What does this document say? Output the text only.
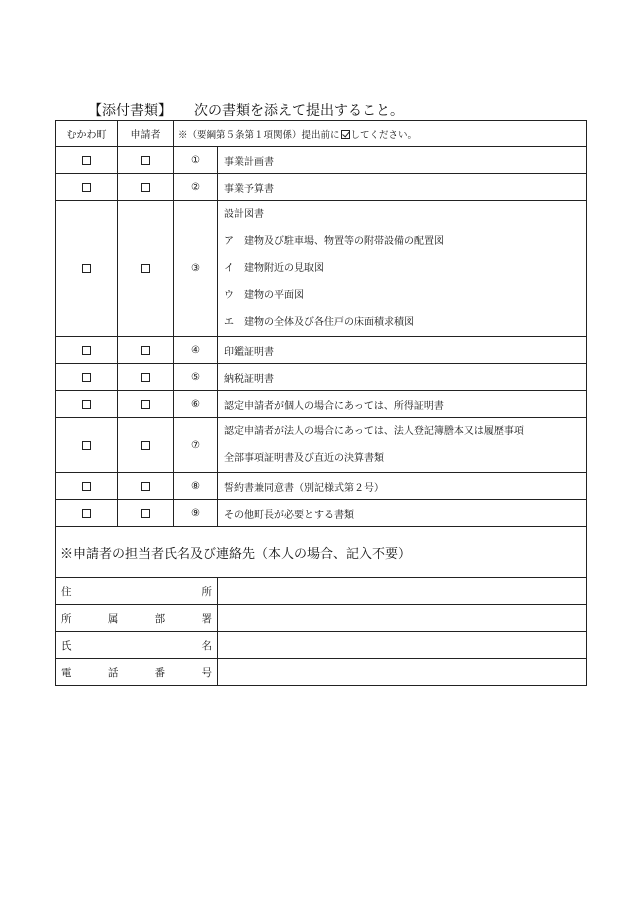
【添付書類】 次の書類を添えて提出すること。
むかわ町	申請者	※（要綱第５条第１項関係）提出前に してください。	
		①	事業計画書

		②	事業予算書

		③	設計図書
ア　建物及び駐車場、物置等の附帯設備の配置図
イ　建物附近の見取図
ウ　建物の平面図
エ　建物の全体及び各住戸の床面積求積図

		④	印鑑証明書

		⑤	納税証明書

		⑥	認定申請者が個人の場合にあっては、所得証明書

		⑦	認定申請者が法人の場合にあっては、法人登記簿謄本又は履歴事項
全部事項証明書及び直近の決算書類

		⑧	誓約書兼同意書（別記様式第２号）

		⑨	その他町長が必要とする書類

※申請者の担当者氏名及び連絡先（本人の場合、記入不要）			

住 所			

所 属 部 署			

氏 名			

電 話 番 号			
